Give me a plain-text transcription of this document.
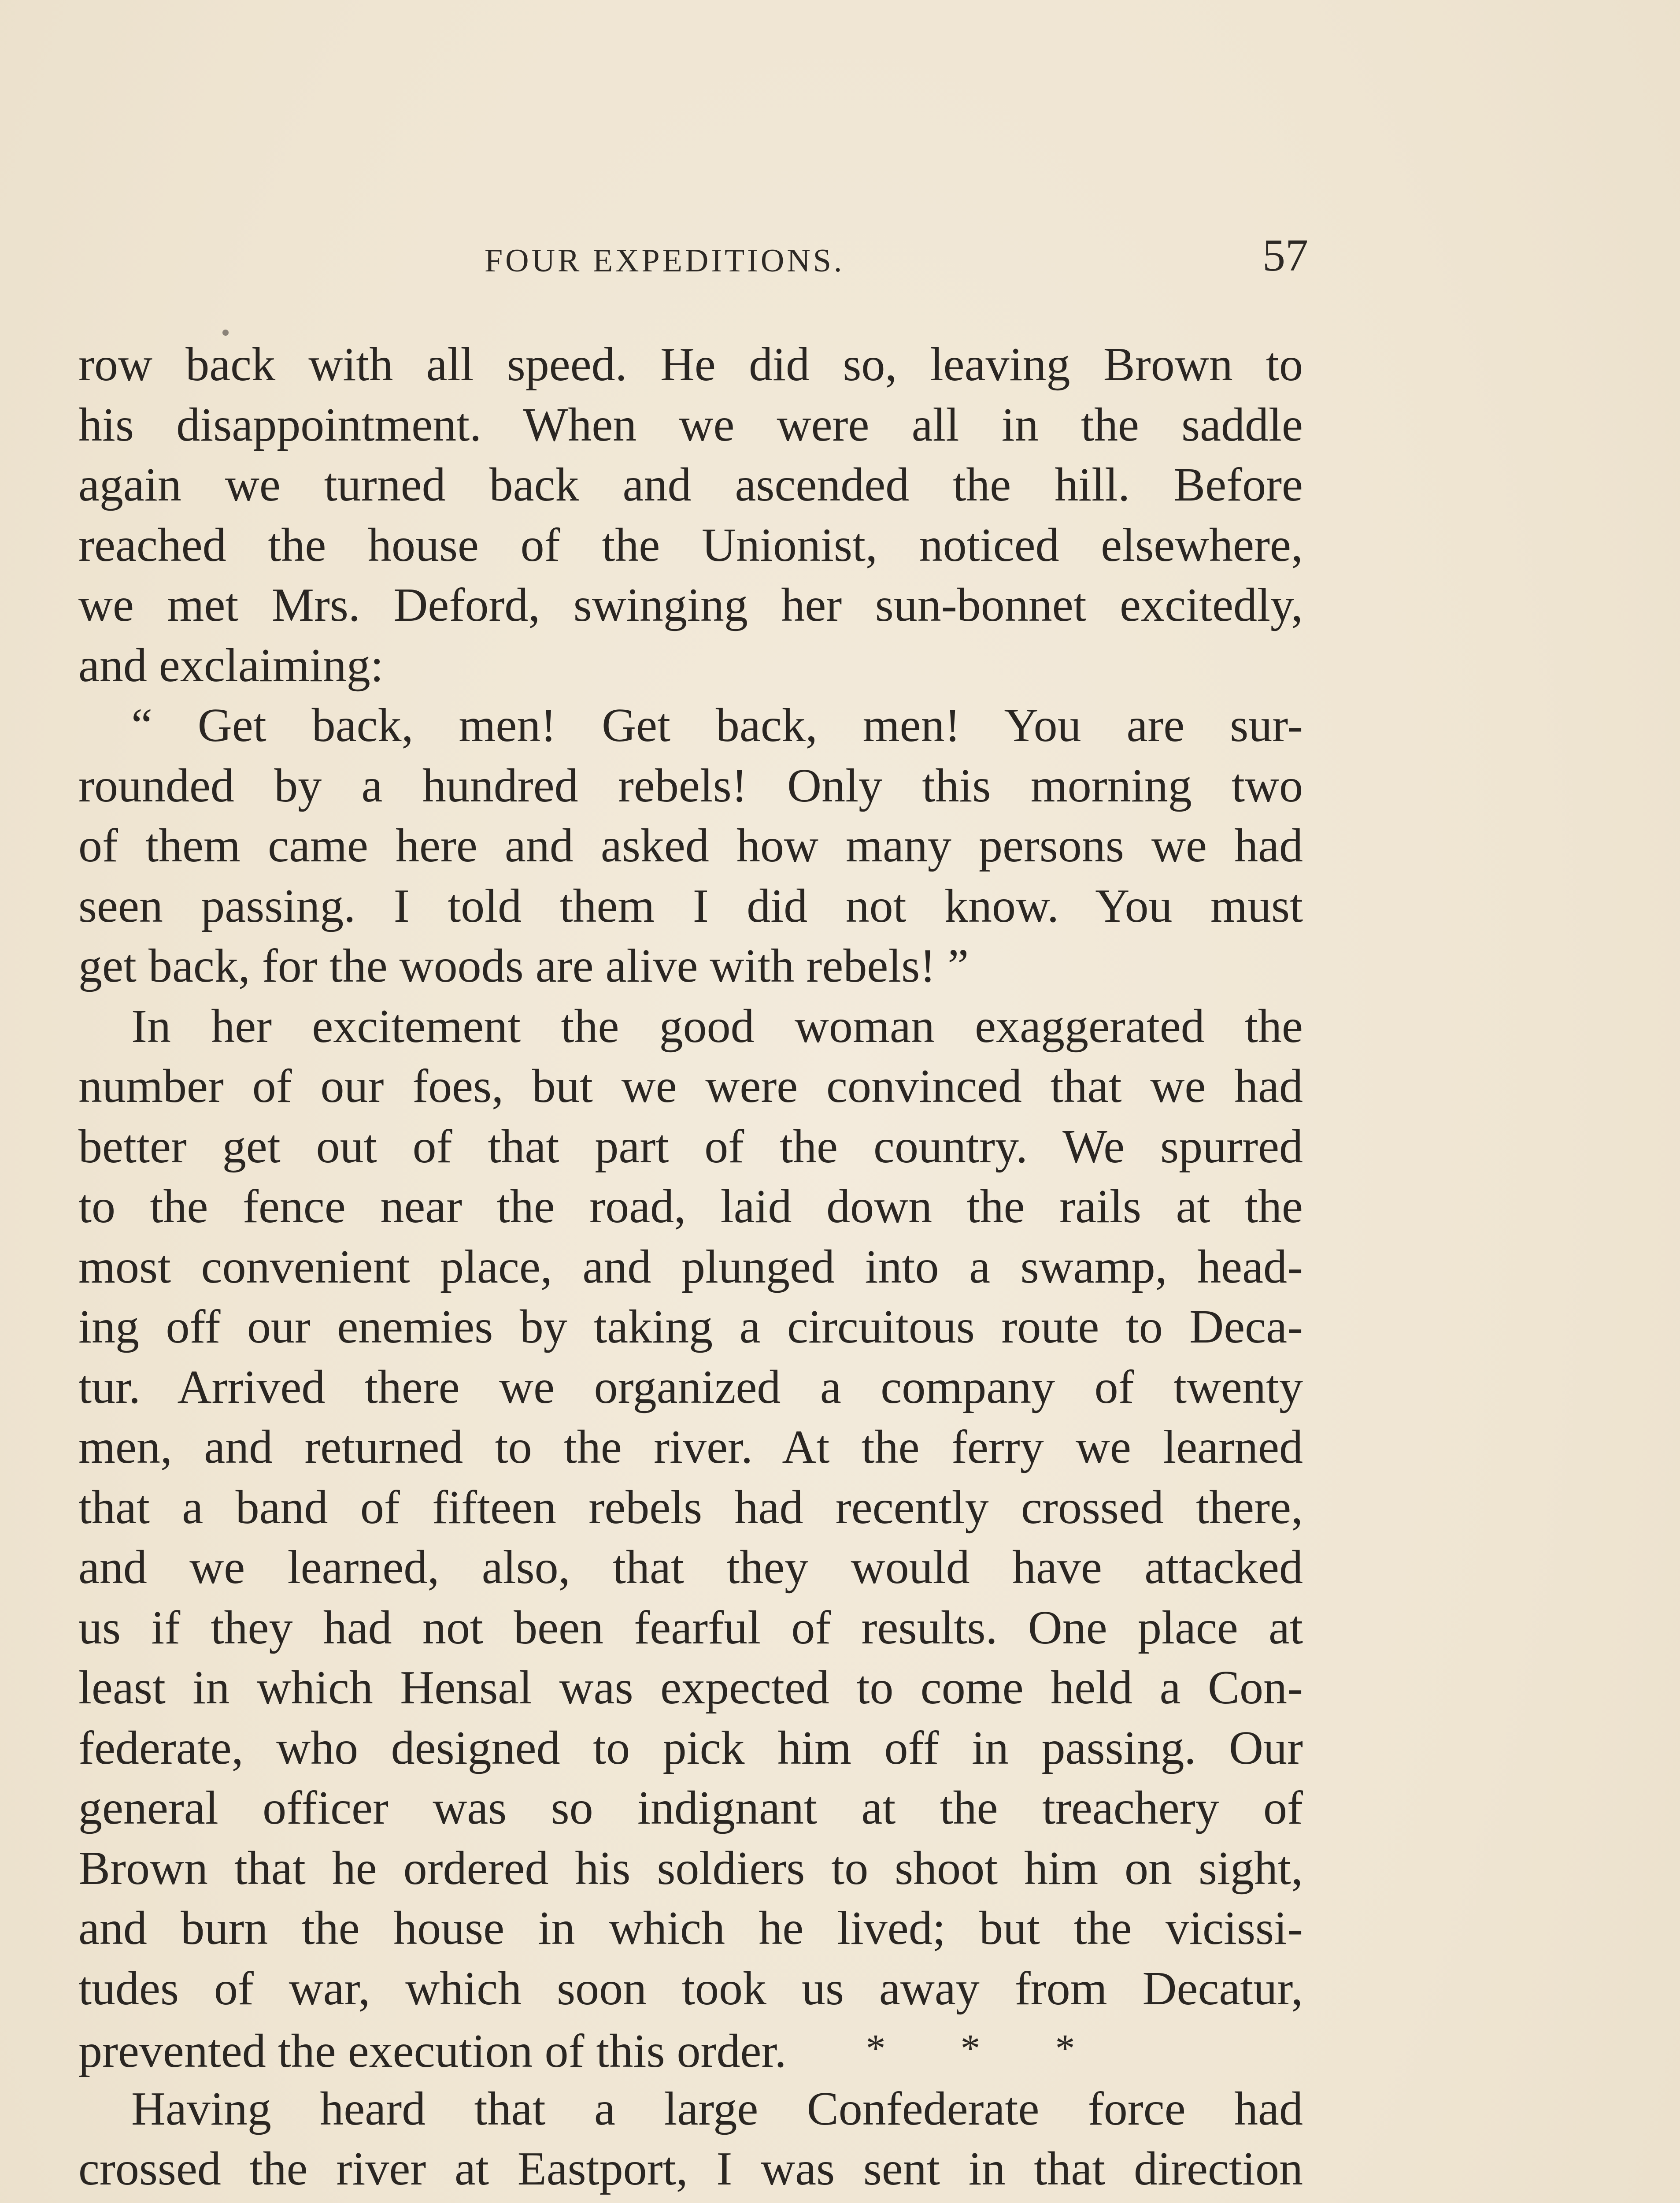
FOUR EXPEDITIONS.	57
row back with all speed. He did so, leaving Brown to
his disappointment. When we were all in the saddle
again we turned back and ascended the hill. Before
reached the house of the Unionist, noticed elsewhere,
we met Mrs. Deford, swinging her sun-bonnet excitedly,
and exclaiming:
“ Get back, men! Get back, men! You are sur-
rounded by a hundred rebels! Only this morning two
of them came here and asked how many persons we had
seen passing. I told them I did not know. You must
get back, for the woods are alive with rebels! ”
In her excitement the good woman exaggerated the
number of our foes, but we were convinced that we had
better get out of that part of the country. We spurred
to the fence near the road, laid down the rails at the
most convenient place, and plunged into a swamp, head-
ing off our enemies by taking a circuitous route to Deca-
tur. Arrived there we organized a company of twenty
men, and returned to the river. At the ferry we learned
that a band of fifteen rebels had recently crossed there,
and we learned, also, that they would have attacked
us if they had not been fearful of results. One place at
least in which Hensal was expected to come held a Con-
federate, who designed to pick him off in passing. Our
general officer was so indignant at the treachery of
Brown that he ordered his soldiers to shoot him on sight,
and burn the house in which he lived; but the vicissi-
tudes of war, which soon took us away from Decatur,
prevented the execution of this order. * * *
Having heard that a large Confederate force had
crossed the river at Eastport, I was sent in that direction
